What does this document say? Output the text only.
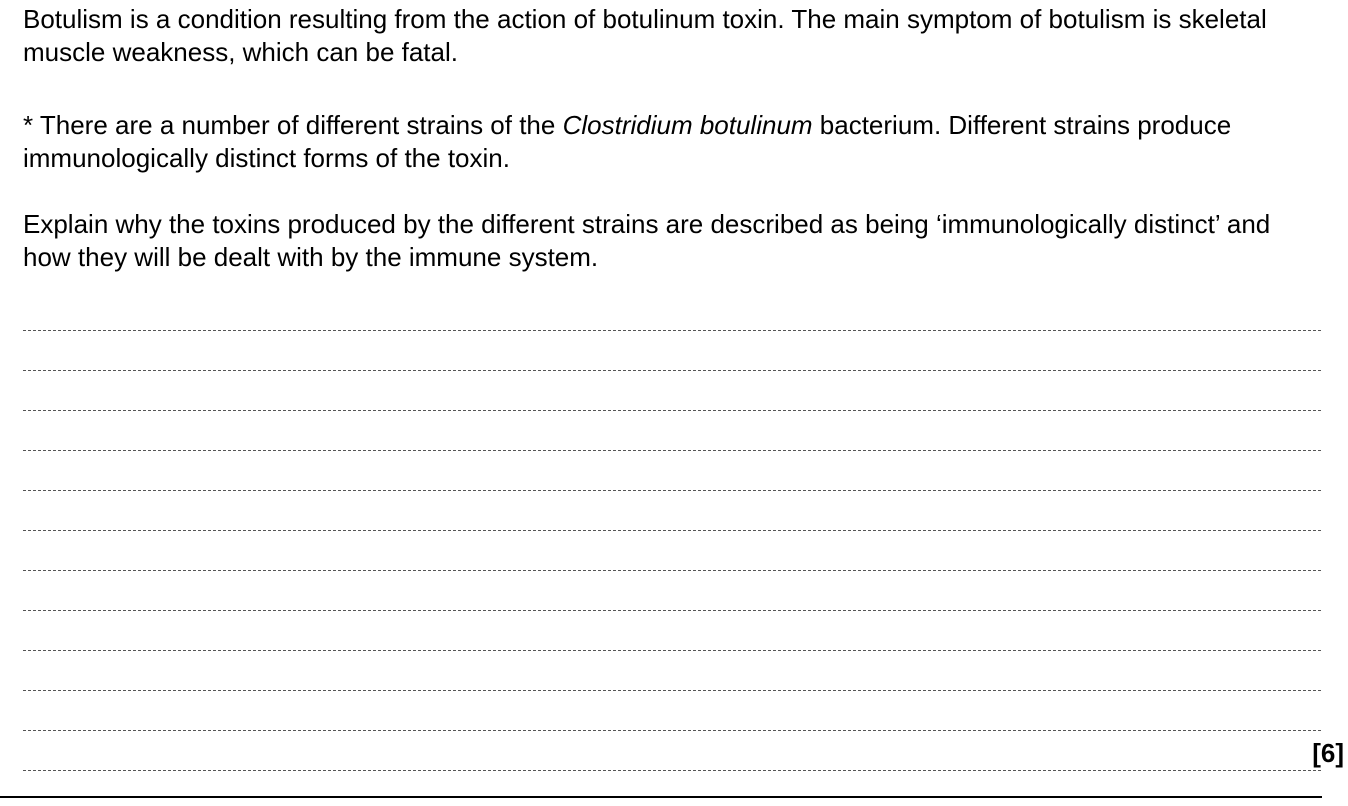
Botulism is a condition resulting from the action of botulinum toxin. The main symptom of botulism is skeletal muscle weakness, which can be fatal.

* There are a number of different strains of the Clostridium botulinum bacterium. Different strains produce immunologically distinct forms of the toxin.

Explain why the toxins produced by the different strains are described as being ‘immunologically distinct’ and how they will be dealt with by the immune system.

[6]
